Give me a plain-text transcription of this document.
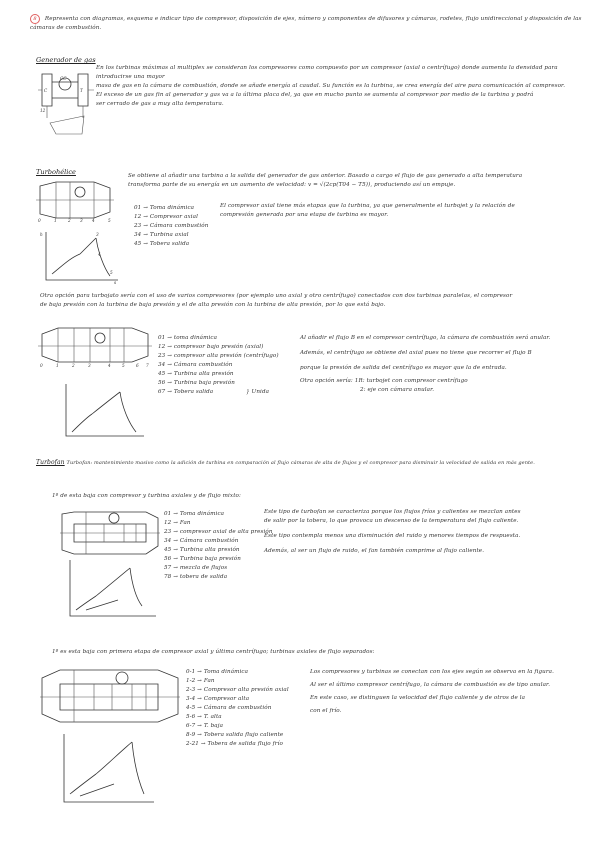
8 Representa con diagramas, esquema e indicar tipo de compresor, disposición de ejes, número y componentes de difusores y cámaras, rodetes, flujo unidireccional y disposición de las
cámaras de combustión.
Generador de gas
En los turbinas máximas al multiplex se consideran los compresores como compuesto por un compresor (axial o centrífugo) donde aumenta la densidad para introducirse una mayor
masa de gas en la cámara de combustión, donde se añade energía al caudal. Su función es la turbina, se crea energía del aire para comunicación al compresor.
El exceso de un gas fin al generador y gas va a la última placa del, ya que en mucho punto se aumenta al compresor por medio de la turbina y podrá
ser cerrado de gas a muy alta temperatura.
C	T
CC
12
Turbohélice	Se obtiene al añadir una turbina a la salida del generador de gas anterior. Basado a cargo el flujo de gas generado a alta temperatura
transforma parte de su energía en un aumento de velocidad: v = √(2cp(T04 − T5)), produciendo así un empuje.
0	1	2 3 4	5
01 → Toma dinámica
12 → Compresor axial
23 → Cámara combustión
34 → Turbina axial
45 → Tobera salida
El compresor axial tiene más etapas que la turbina, ya que generalmente el turbojet y la relación de
compresión generada por una etapa de turbina es mayor.
h
s
3
4
5
Otra opción para turbojato sería con el uso de varios compresores (por ejemplo uno axial y otro centrífugo) conectados con dos turbinas paralelas, el compresor
de baja presión con la turbina de baja presión y el de alta presión con la turbina de alta presión, por lo que está bajo.
0	1	2	3	4	5	6 7
01 → toma dinámica
12 → compresor bajo presión (axial)
23 → compresor alta presión (centrífugo)
34 → Cámara combustión
45 → Turbina alta presión
56 → Turbina baja presión
67 → Tobera salida	} Unida
Al añadir el flujo B en el compresor centrífugo, la cámara de combustión será anular.
Además, el centrífugo se obtiene del axial pues no tiene que recorrer el flujo B
porque la presión de salida del centrífugo es mayor que la de entrada.
Otra opción sería: 1R: turbojet con compresor centrífugo
2: eje con cámara anular.
Turbofan Turbofan: mantenimiento masivo como la adición de turbina en comparación al flujo cámaras de alta de flujos y el compresor para disminuir la velocidad de salida en más gente.
1º de esta baja con compresor y turbina axiales y de flujo mixto:
01 → Toma dinámica
12 → Fan
23 → compresor axial de alta presión
34 → Cámara combustión
45 → Turbina alta presión
56 → Turbina baja presión
57 → mezcla de flujos
78 → tobera de salida
Este tipo de turbofan se caracteriza porque los flujos fríos y calientes se mezclan antes
de salir por la tobera, lo que provoca un descenso de la temperatura del flujo caliente.
Este tipo contempla menos una disminución del ruido y menores tiempos de respuesta.
Además, al ser un flujo de ruido, el fan también comprime al flujo caliente.
1º es esta baja con primera etapa de compresor axial y última centrífugo; turbinas axiales de flujo separados:
0-1 → Toma dinámica
1-2 → Fan
2-3 → Compresor alta presión axial
3-4 → Compresor alta
4-5 → Cámara de combustión
5-6 → T. alta
6-7 → T. baja
8-9 → Tobera salida flujo caliente
2-21 → Tobera de salida flujo frío
Los compresores y turbinas se conectan con los ejes según se observa en la figura.
Al ser el último compresor centrífugo, la cámara de combustión es de tipo anular.
En este caso, se distinguen la velocidad del flujo caliente y de otros de la
con el frío.
